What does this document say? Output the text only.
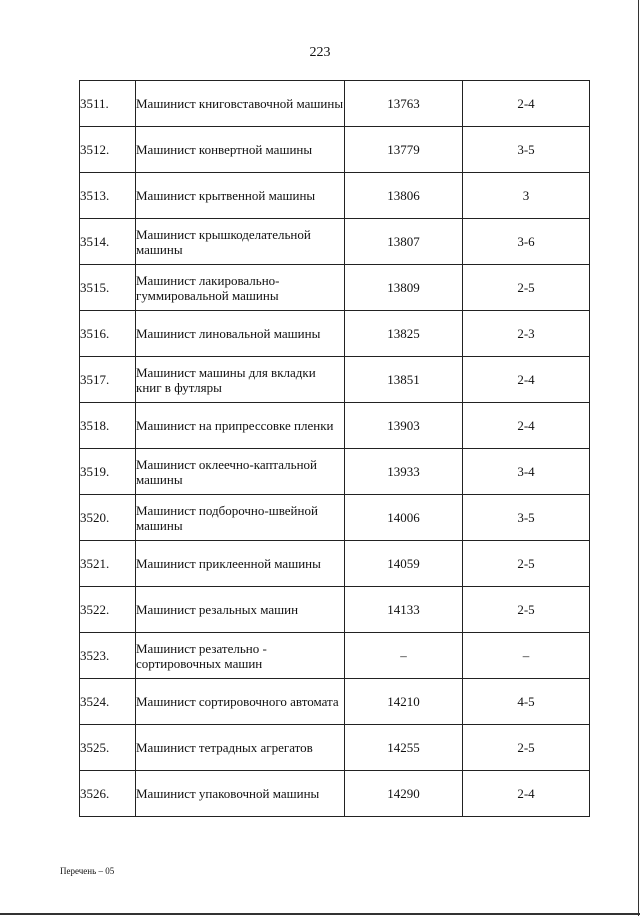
223
3511.	Машинист книговставочной машины	13763	2-4
3512.	Машинист конвертной машины	13779	3-5
3513.	Машинист крытвенной машины	13806	3
3514.	Машинист крышкоделательной машины	13807	3-6
3515.	Машинист лакировально-гуммировальной машины	13809	2-5
3516.	Машинист линовальной машины	13825	2-3
3517.	Машинист машины для вкладки книг в футляры	13851	2-4
3518.	Машинист на припрессовке пленки	13903	2-4
3519.	Машинист оклеечно-каптальной машины	13933	3-4
3520.	Машинист подборочно-швейной машины	14006	3-5
3521.	Машинист приклеенной машины	14059	2-5
3522.	Машинист резальных машин	14133	2-5
3523.	Машинист резательно - сортировочных машин	–	–
3524.	Машинист сортировочного автомата	14210	4-5
3525.	Машинист тетрадных агрегатов	14255	2-5
3526.	Машинист упаковочной машины	14290	2-4
Перечень – 05
